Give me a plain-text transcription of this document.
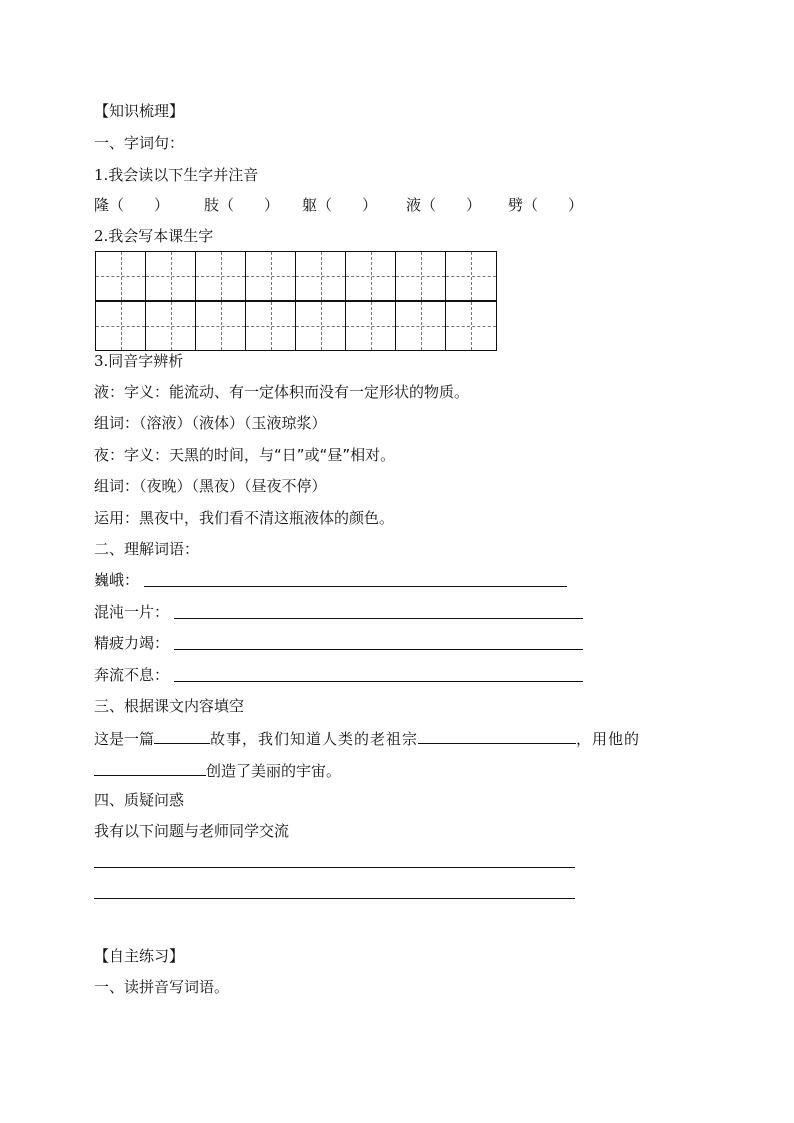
【知识梳理】
一、字词句：
1.我会读以下生字并注音
隆（　　） 肢（　　） 躯（　　） 液（　　） 劈（　　）
2.我会写本课生字
3.同音字辨析
液：字义：能流动、有一定体积而没有一定形状的物质。
组词：（溶液）（液体）（玉液琼浆）
夜：字义：天黑的时间，与“日”或“昼”相对。
组词：（夜晚）（黑夜）（昼夜不停）
运用：黑夜中，我们看不清这瓶液体的颜色。
二、理解词语：
巍峨：
混沌一片：
精疲力竭：
奔流不息：
三、根据课文内容填空
这是一篇	故事，我们知道人类的老祖宗	，用他的
创造了美丽的宇宙。
四、质疑问惑
我有以下问题与老师同学交流
【自主练习】
一、读拼音写词语。
